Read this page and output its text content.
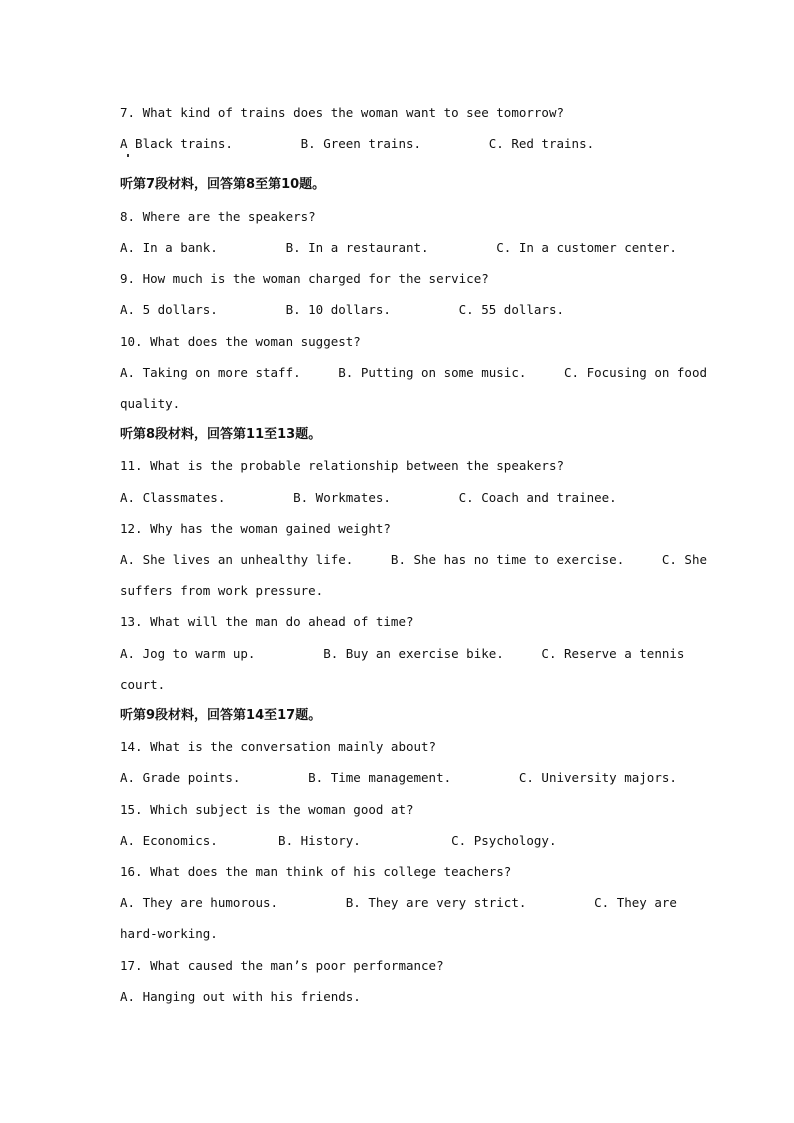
7. What kind of trains does the woman want to see tomorrow?
A Black trains.         B. Green trains.         C. Red trains.
听第7段材料，回答第8至第10题。
8. Where are the speakers?
A. In a bank.         B. In a restaurant.         C. In a customer center.
9. How much is the woman charged for the service?
A. 5 dollars.         B. 10 dollars.         C. 55 dollars.
10. What does the woman suggest?
A. Taking on more staff.     B. Putting on some music.     C. Focusing on food
quality.
听第8段材料，回答第11至13题。
11. What is the probable relationship between the speakers?
A. Classmates.         B. Workmates.         C. Coach and trainee.
12. Why has the woman gained weight?
A. She lives an unhealthy life.     B. She has no time to exercise.     C. She
suffers from work pressure.
13. What will the man do ahead of time?
A. Jog to warm up.         B. Buy an exercise bike.     C. Reserve a tennis
court.
听第9段材料，回答第14至17题。
14. What is the conversation mainly about?
A. Grade points.         B. Time management.         C. University majors.
15. Which subject is the woman good at?
A. Economics.        B. History.            C. Psychology.
16. What does the man think of his college teachers?
A. They are humorous.         B. They are very strict.         C. They are
hard-working.
17. What caused the man’s poor performance?
A. Hanging out with his friends.
